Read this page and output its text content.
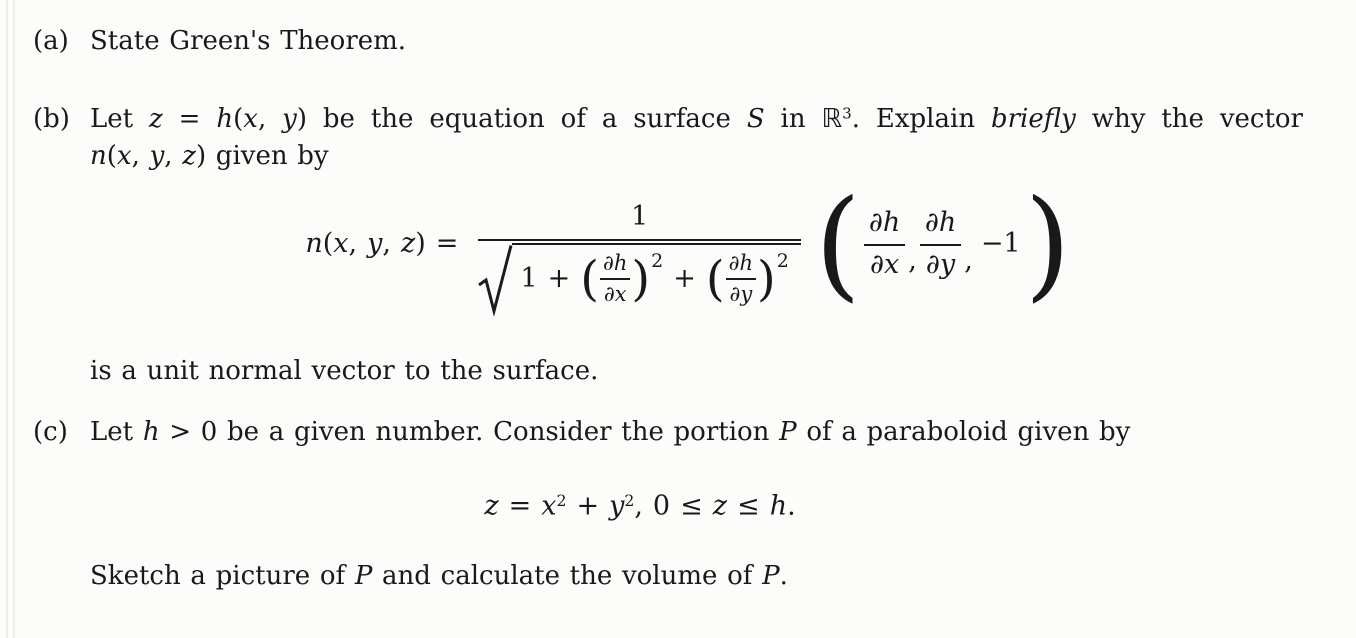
(a) State Green's Theorem.
(b) Let z = h(x, y) be the equation of a surface S in ℝ$^3$. Explain briefly why the vector
n(x, y, z) given by
n(x, y, z) =
1
1 + ( $\frac{\partial h}{\partial x}$ ) 2
+ ( $\frac{\partial h}{\partial y}$ ) 2 ( $\frac{\partial h}{\partial x}$ , $\frac{\partial h}{\partial y}$ ,
−1 )
is a unit normal vector to the surface.
(c) Let h > 0 be a given number. Consider the portion P of a paraboloid given by
$z = x^2 + y^2$, 0 ≤ z ≤ h.
Sketch a picture of P and calculate the volume of P.
